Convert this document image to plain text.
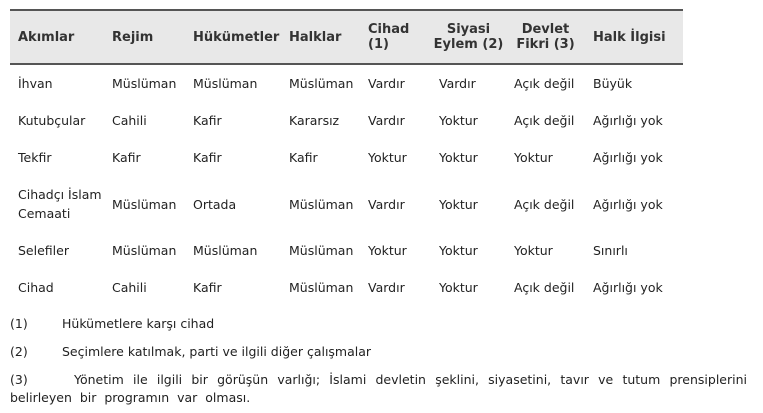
Akımlar	Rejim	Hükümetler	Halklar	Cihad (1)	Siyasi Eylem (2)	Devlet Fikri (3)	Halk İlgisi
İhvan	Müslüman	Müslüman	Müslüman	Vardır	Vardır	Açık değil	Büyük
Kutubçular	Cahili	Kafir	Kararsız	Vardır	Yoktur	Açık değil	Ağırlığı yok
Tekfir	Kafir	Kafir	Kafir	Yoktur	Yoktur	Yoktur	Ağırlığı yok
Cihadçı İslam Cemaati	Müslüman	Ortada	Müslüman	Vardır	Yoktur	Açık değil	Ağırlığı yok
Selefiler	Müslüman	Müslüman	Müslüman	Yoktur	Yoktur	Yoktur	Sınırlı
Cihad	Cahili	Kafir	Müslüman	Vardır	Yoktur	Açık değil	Ağırlığı yok
(1)	Hükümetlere karşı cihad
(2)	Seçimlere katılmak, parti ve ilgili diğer çalışmalar
(3)	Yönetim ile ilgili bir görüşün varlığı; İslami devletin şeklini, siyasetini, tavır ve tutum prensiplerini belirleyen bir programın var olması.
